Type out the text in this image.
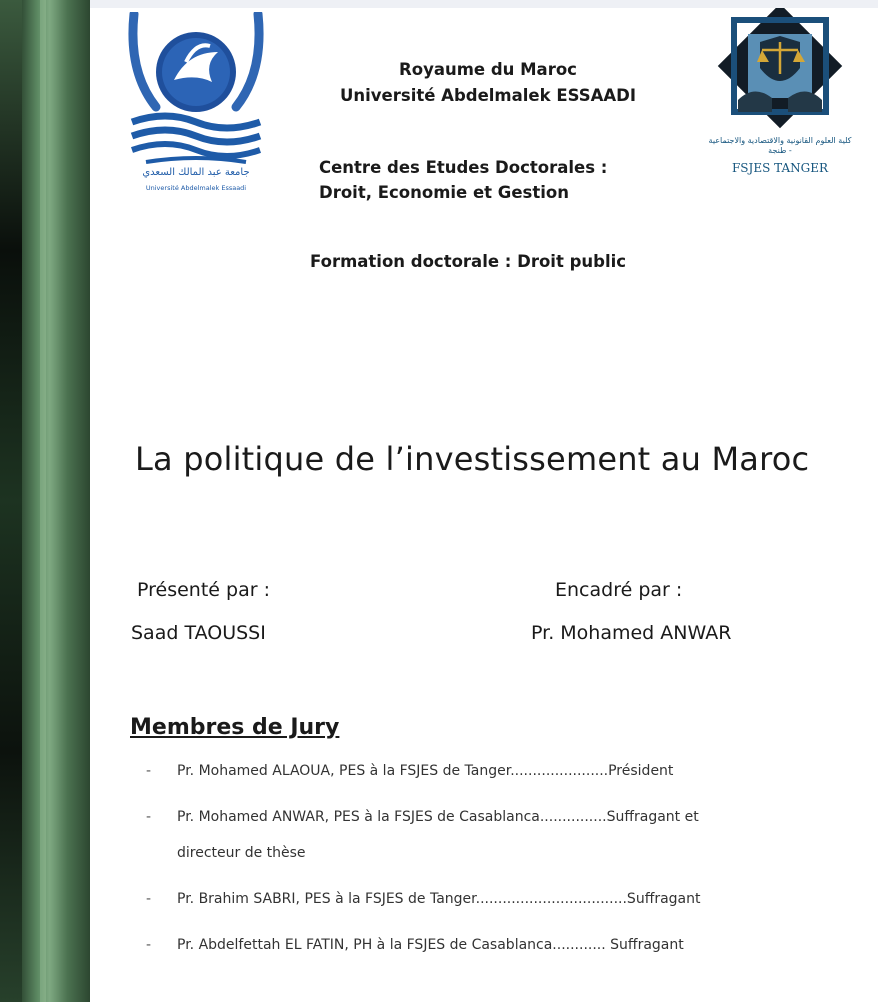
جامعة عبد المالك السعدي
Université Abdelmalek Essaadi
كلية العلوم القانونية والاقتصادية والاجتماعية - طنجة
FSJES TANGER
Royaume du Maroc
Université Abdelmalek ESSAADI
Centre des Etudes Doctorales :
Droit, Economie et Gestion
Formation doctorale : Droit public
La politique de l’investissement au Maroc
Présenté par :
Saad TAOUSSI
Encadré par :
Pr. Mohamed ANWAR
Membres de Jury
- Pr. Mohamed ALAOUA, PES à la FSJES de Tanger......................Président
- Pr. Mohamed ANWAR, PES à la FSJES de Casablanca...............Suffragant et
directeur de thèse
- Pr. Brahim SABRI, PES à la FSJES de Tanger..................................Suffragant
- Pr. Abdelfettah EL FATIN, PH à la FSJES de Casablanca............ Suffragant
